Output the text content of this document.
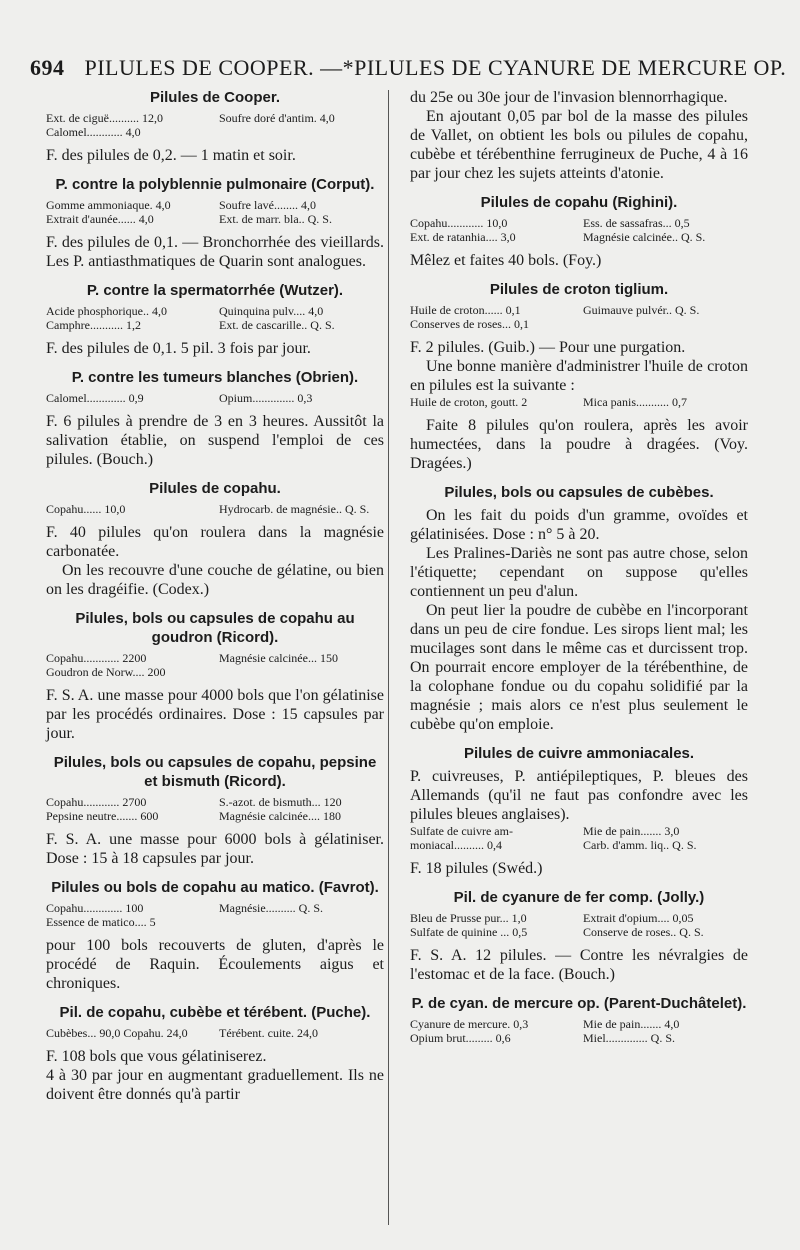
694 PILULES DE COOPER. —*PILULES DE CYANURE DE MERCURE OP.
Pilules de Cooper.
Ext. de ciguë.......... 12,0	Soufre doré d'antim. 4,0
Calomel............ 4,0

F. des pilules de 0,2. — 1 matin et soir.

P. contre la polyblennie pulmonaire (Corput).
Gomme ammoniaque. 4,0	Soufre lavé........ 4,0
Extrait d'aunée...... 4,0	Ext. de marr. bla.. Q. S.

F. des pilules de 0,1. — Bronchorrhée des vieillards. Les P. antiasthmatiques de Quarin sont analogues.

P. contre la spermatorrhée (Wutzer).
Acide phosphorique.. 4,0	Quinquina pulv.... 4,0
Camphre........... 1,2	Ext. de cascarille.. Q. S.

F. des pilules de 0,1. 5 pil. 3 fois par jour.

P. contre les tumeurs blanches (Obrien).
Calomel............. 0,9	Opium.............. 0,3

F. 6 pilules à prendre de 3 en 3 heures. Aussitôt la salivation établie, on suspend l'emploi de ces pilules. (Bouch.)

Pilules de copahu.
Copahu...... 10,0	Hydrocarb. de magnésie.. Q. S.

F. 40 pilules qu'on roulera dans la magnésie carbonatée.

On les recouvre d'une couche de gélatine, ou bien on les dragéifie. (Codex.)

Pilules, bols ou capsules de copahu au goudron (Ricord).
Copahu............ 2200	Magnésie calcinée... 150
Goudron de Norw.... 200

F. S. A. une masse pour 4000 bols que l'on gélatinise par les procédés ordinaires. Dose : 15 capsules par jour.

Pilules, bols ou capsules de copahu, pepsine et bismuth (Ricord).
Copahu............ 2700	S.-azot. de bismuth... 120
Pepsine neutre....... 600	Magnésie calcinée.... 180

F. S. A. une masse pour 6000 bols à gélatiniser. Dose : 15 à 18 capsules par jour.

Pilules ou bols de copahu au matico. (Favrot).
Copahu............. 100	Magnésie.......... Q. S.
Essence de matico.... 5

pour 100 bols recouverts de gluten, d'après le procédé de Raquin. Écoulements aigus et chroniques.

Pil. de copahu, cubèbe et térébent. (Puche).
Cubèbes... 90,0 Copahu. 24,0	Térébent. cuite. 24,0

F. 108 bols que vous gélatiniserez.

4 à 30 par jour en augmentant graduellement. Ils ne doivent être donnés qu'à partir

du 25e ou 30e jour de l'invasion blennorrhagique.

En ajoutant 0,05 par bol de la masse des pilules de Vallet, on obtient les bols ou pilules de copahu, cubèbe et térébenthine ferrugineux de Puche, 4 à 16 par jour chez les sujets atteints d'atonie.

Pilules de copahu (Righini).
Copahu............ 10,0	Ess. de sassafras... 0,5
Ext. de ratanhia.... 3,0	Magnésie calcinée.. Q. S.

Mêlez et faites 40 bols. (Foy.)

Pilules de croton tiglium.
Huile de croton...... 0,1	Guimauve pulvér.. Q. S.
Conserves de roses... 0,1

F. 2 pilules. (Guib.) — Pour une purgation.

Une bonne manière d'administrer l'huile de croton en pilules est la suivante :

Huile de croton, goutt. 2	Mica panis........... 0,7

Faite 8 pilules qu'on roulera, après les avoir humectées, dans la poudre à dragées. (Voy. Dragées.)

Pilules, bols ou capsules de cubèbes.

On les fait du poids d'un gramme, ovoïdes et gélatinisées. Dose : n° 5 à 20.

Les Pralines-Dariès ne sont pas autre chose, selon l'étiquette; cependant on suppose qu'elles contiennent un peu d'alun.

On peut lier la poudre de cubèbe en l'incorporant dans un peu de cire fondue. Les sirops lient mal; les mucilages sont dans le même cas et durcissent trop. On pourrait encore employer de la térébenthine, de la colophane fondue ou du copahu solidifié par la magnésie ; mais alors ce n'est plus seulement le cubèbe qu'on emploie.

Pilules de cuivre ammoniacales.

P. cuivreuses, P. antiépileptiques, P. bleues des Allemands (qu'il ne faut pas confondre avec les pilules bleues anglaises).

Sulfate de cuivre am-	Mie de pain....... 3,0
moniacal.......... 0,4	Carb. d'amm. liq.. Q. S.

F. 18 pilules (Swéd.)

Pil. de cyanure de fer comp. (Jolly.)
Bleu de Prusse pur... 1,0	Extrait d'opium.... 0,05
Sulfate de quinine ... 0,5	Conserve de roses.. Q. S.

F. S. A. 12 pilules. — Contre les névralgies de l'estomac et de la face. (Bouch.)

P. de cyan. de mercure op. (Parent-Duchâtelet).
Cyanure de mercure. 0,3	Mie de pain....... 4,0
Opium brut......... 0,6	Miel.............. Q. S.
